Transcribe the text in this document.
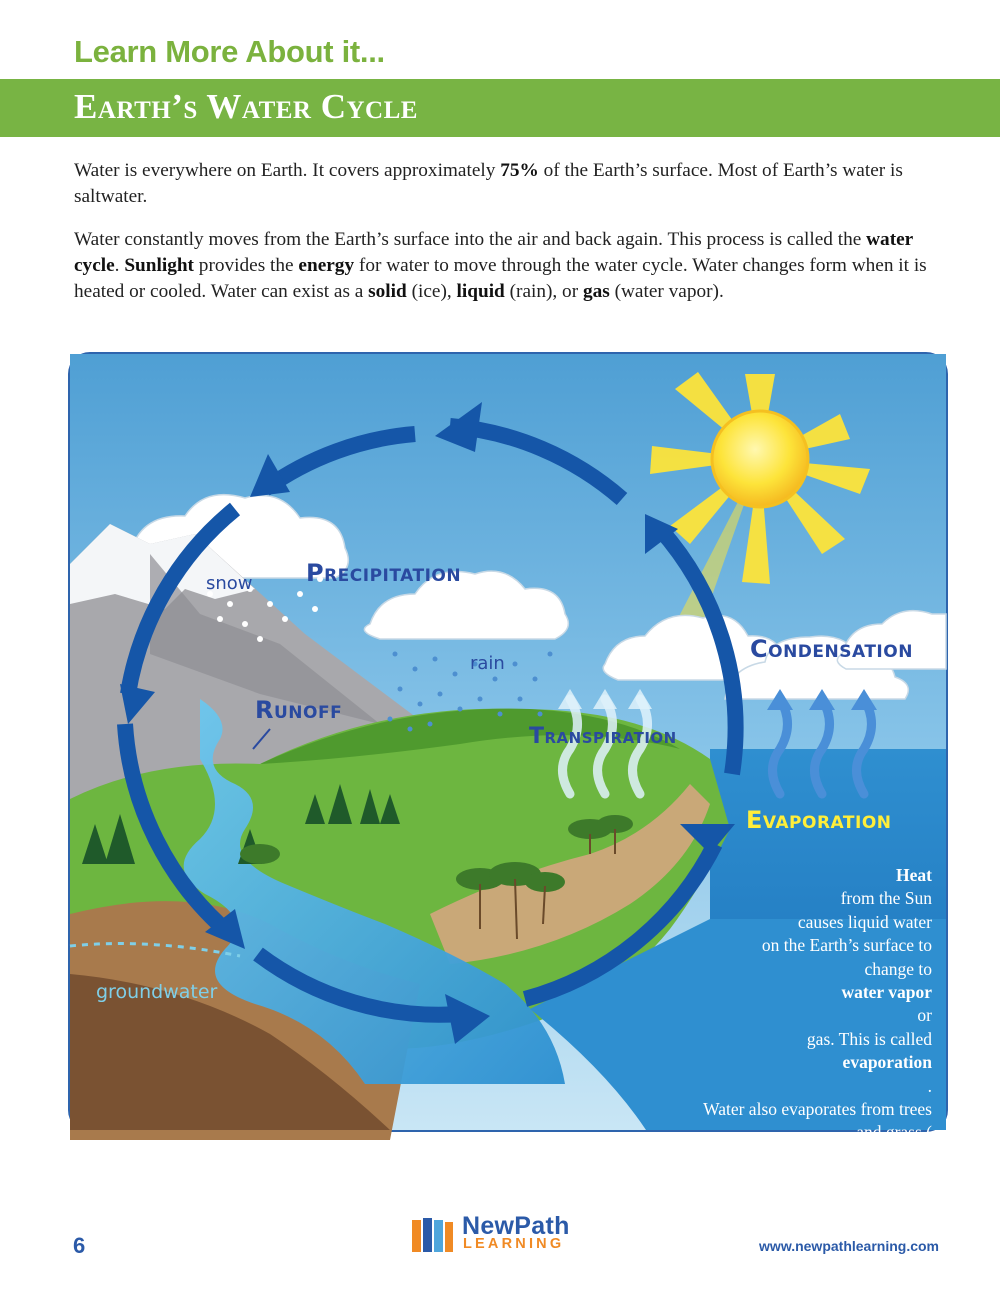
Learn More About it...
Earth’s Water Cycle

Water is everywhere on Earth. It covers approximately 75% of the Earth’s surface. Most of Earth’s water is saltwater.

Water constantly moves from the Earth’s surface into the air and back again. This process is called the water cycle. Sunlight provides the energy for water to move through the water cycle. Water changes form when it is heated or cooled. Water can exist as a solid (ice), liquid (rain), or gas (water vapor).

Precipitation
Condensation
Runoff
Transpiration
Evaporation
snow
rain
groundwater

Heat
from the Sun
causes liquid water
on the Earth’s surface to
change to
water vapor
or
gas. This is called
evaporation
.
Water also evaporates from trees
and grass (
transpiration
).

6
NewPath
LEARNING	www.newpathlearning.com
